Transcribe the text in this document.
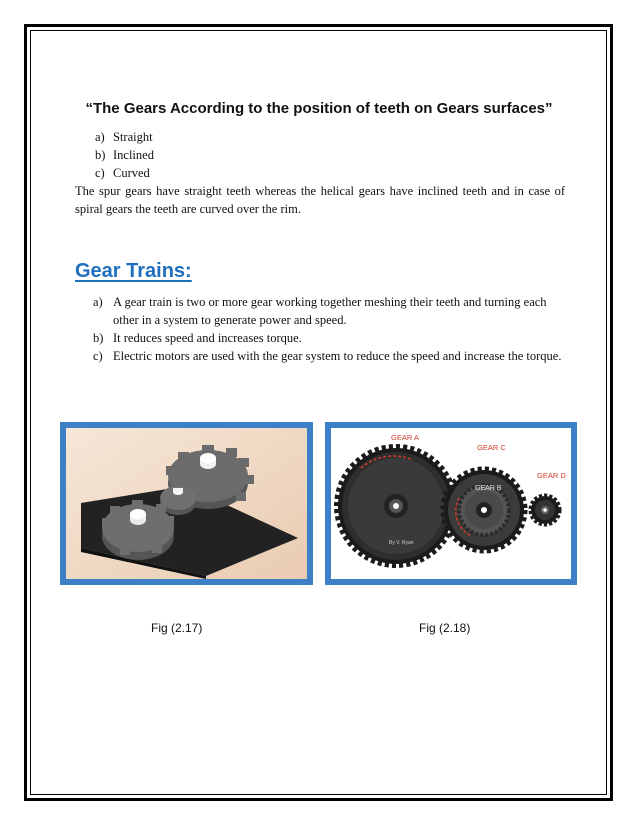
“The Gears According to the position of teeth on Gears surfaces”
a) Straight
b) Inclined
c) Curved
The spur gears have straight teeth whereas the helical gears have inclined teeth and in case of spiral gears the teeth are curved over the rim.
Gear Trains:
a) A gear train is two or more gear working together meshing their teeth and turning each other in a system to generate power and speed.
b) It reduces speed and increases torque.
c) Electric motors are used with the gear system to reduce the speed and increase the torque.
GEAR A
GEAR C
GEAR B
GEAR D
By V. Ryan
Fig (2.17)	Fig (2.18)
